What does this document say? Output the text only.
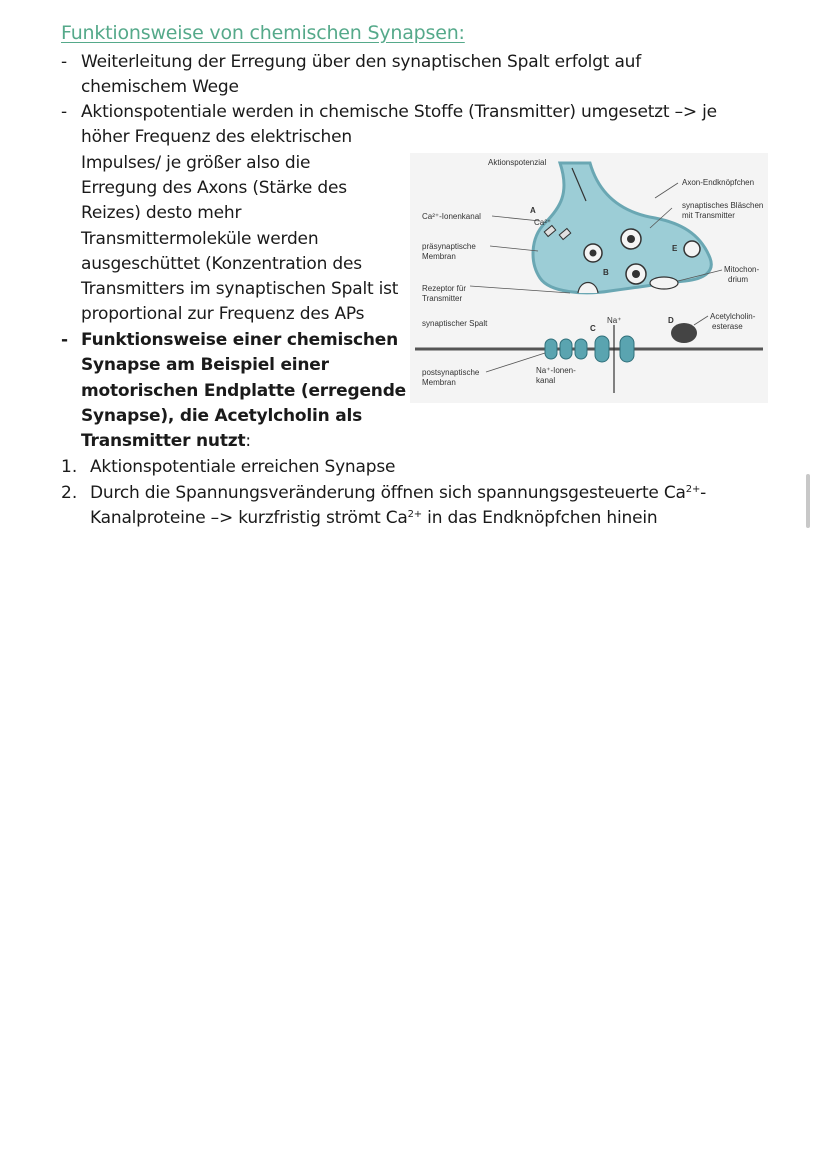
Funktionsweise von chemischen Synapsen:
- Weiterleitung der Erregung über den synaptischen Spalt erfolgt auf
chemischem Wege
- Aktionspotentiale werden in chemische Stoffe (Transmitter) umgesetzt –> je
höher Frequenz des elektrischen
Impulses/ je größer also die
Erregung des Axons (Stärke des
Reizes) desto mehr
Transmittermoleküle werden
ausgeschüttet (Konzentration des
Transmitters im synaptischen Spalt ist
proportional zur Frequenz des APs
- Funktionsweise einer chemischen
Synapse am Beispiel einer
motorischen Endplatte (erregende
Synapse), die Acetylcholin als
Transmitter nutzt:
1. Aktionspotentiale erreichen Synapse
2. Durch die Spannungsveränderung öffnen sich spannungsgesteuerte $Ca^{2+}-$
Kanalproteine –> kurzfristig strömt $Ca^{2+}$ in das Endknöpfchen hinein
Aktionspotenzial
Axon-Endknöpfchen
synaptisches Bläschen
mit Transmitter
Ca²⁺-Ionenkanal
präsynaptische
Membran
Mitochon-
drium
Rezeptor für
Transmitter
synaptischer Spalt
Acetylcholin-
esterase
postsynaptische
Membran
Na⁺-Ionen-
kanal
Ca²⁺
Na⁺
A
B
C
D
E
